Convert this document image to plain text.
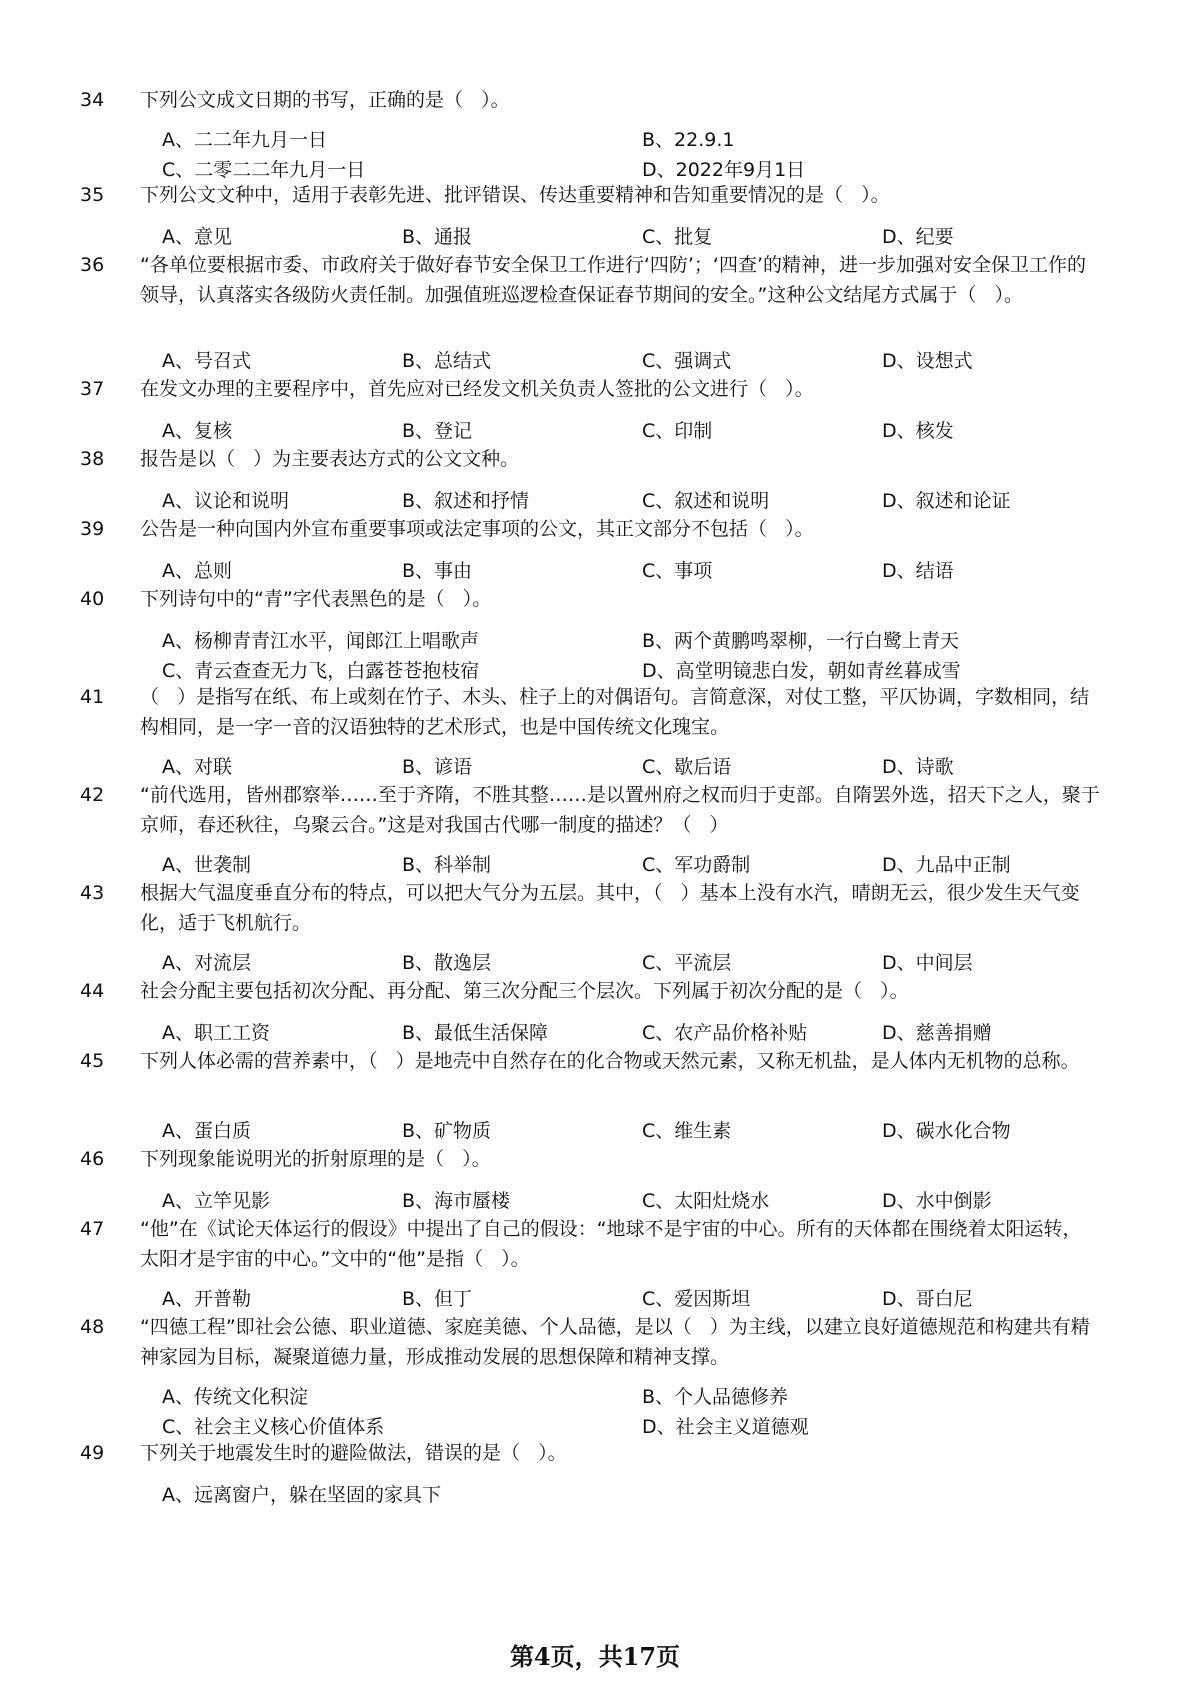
34	下列公文成文日期的书写，正确的是（   ）。
A、二二年九月一日	B、22.9.1
C、二零二二年九月一日	D、2022年9月1日
35	下列公文文种中，适用于表彰先进、批评错误、传达重要精神和告知重要情况的是（   ）。
A、意见	B、通报	C、批复	D、纪要
36	“各单位要根据市委、市政府关于做好春节安全保卫工作进行‘四防’；‘四查’的精神，进一步加强对安全保卫工作的领导，认真落实各级防火责任制。加强值班巡逻检查保证春节期间的安全。”这种公文结尾方式属于（   ）。
A、号召式	B、总结式	C、强调式	D、设想式
37	在发文办理的主要程序中，首先应对已经发文机关负责人签批的公文进行（   ）。
A、复核	B、登记	C、印制	D、核发
38	报告是以（   ）为主要表达方式的公文文种。
A、议论和说明	B、叙述和抒情	C、叙述和说明	D、叙述和论证
39	公告是一种向国内外宣布重要事项或法定事项的公文，其正文部分不包括（   ）。
A、总则	B、事由	C、事项	D、结语
40	下列诗句中的“青”字代表黑色的是（   ）。
A、杨柳青青江水平，闻郎江上唱歌声	B、两个黄鹏鸣翠柳，一行白鹭上青天
C、青云查查无力飞，白露苍苍抱枝宿	D、高堂明镜悲白发，朝如青丝暮成雪
41	（   ）是指写在纸、布上或刻在竹子、木头、柱子上的对偶语句。言简意深，对仗工整，平仄协调，字数相同，结构相同，是一字一音的汉语独特的艺术形式，也是中国传统文化瑰宝。
A、对联	B、谚语	C、歇后语	D、诗歌
42	“前代选用，皆州郡察举……至于齐隋，不胜其整……是以置州府之权而归于吏部。自隋罢外选，招天下之人，聚于京师，春还秋往，乌聚云合。”这是对我国古代哪一制度的描述？（   ）
A、世袭制	B、科举制	C、军功爵制	D、九品中正制
43	根据大气温度垂直分布的特点，可以把大气分为五层。其中，（   ）基本上没有水汽，晴朗无云，很少发生天气变化，适于飞机航行。
A、对流层	B、散逸层	C、平流层	D、中间层
44	社会分配主要包括初次分配、再分配、第三次分配三个层次。下列属于初次分配的是（   ）。
A、职工工资	B、最低生活保障	C、农产品价格补贴	D、慈善捐赠
45	下列人体必需的营养素中，（   ）是地壳中自然存在的化合物或天然元素，又称无机盐，是人体内无机物的总称。
A、蛋白质	B、矿物质	C、维生素	D、碳水化合物
46	下列现象能说明光的折射原理的是（   ）。
A、立竿见影	B、海市蜃楼	C、太阳灶烧水	D、水中倒影
47	“他”在《试论天体运行的假设》中提出了自己的假设：“地球不是宇宙的中心。所有的天体都在围绕着太阳运转，太阳才是宇宙的中心。”文中的“他”是指（   ）。
A、开普勒	B、但丁	C、爱因斯坦	D、哥白尼
48	“四德工程”即社会公德、职业道德、家庭美德、个人品德，是以（   ）为主线，以建立良好道德规范和构建共有精神家园为目标，凝聚道德力量，形成推动发展的思想保障和精神支撑。
A、传统文化积淀	B、个人品德修养
C、社会主义核心价值体系	D、社会主义道德观
49	下列关于地震发生时的避险做法，错误的是（   ）。
A、远离窗户，躲在坚固的家具下
第4页，共17页
